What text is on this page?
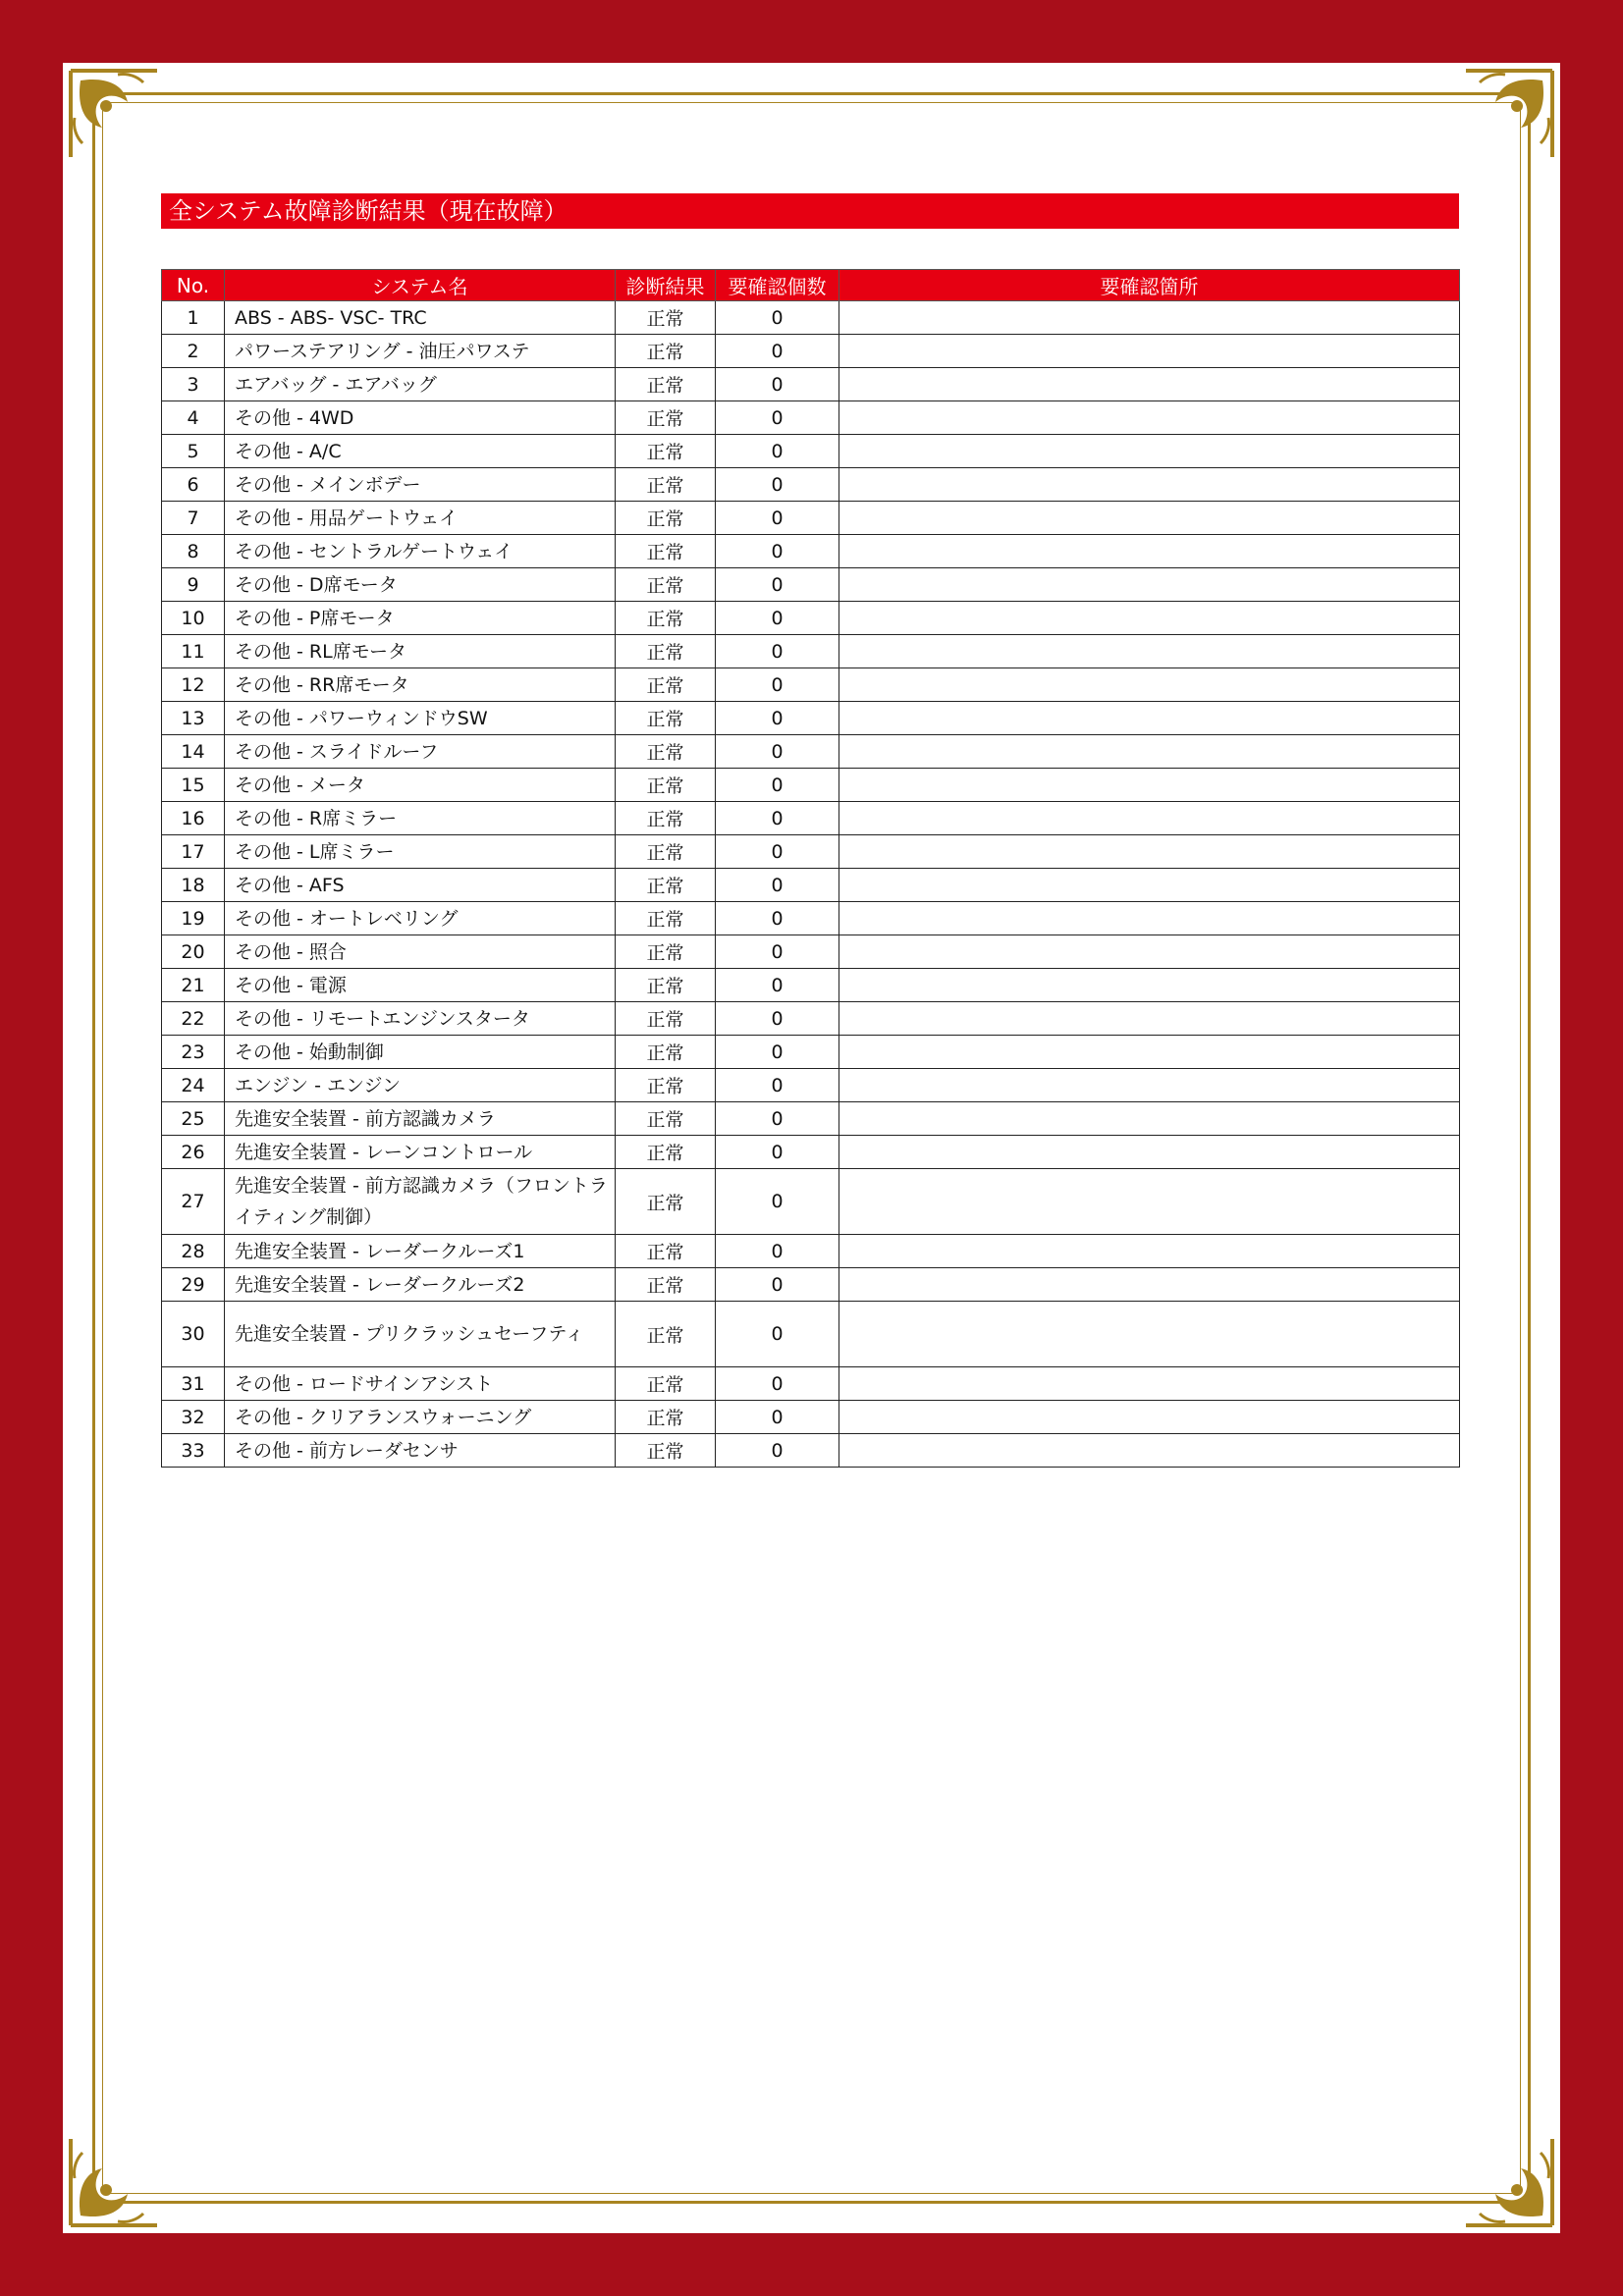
全システム故障診断結果（現在故障）
No.	システム名	診断結果	要確認個数	要確認箇所
1	ABS - ABS- VSC- TRC	正常	0	
2	パワーステアリング - 油圧パワステ	正常	0	
3	エアバッグ - エアバッグ	正常	0	
4	その他 - 4WD	正常	0	
5	その他 - A/C	正常	0	
6	その他 - メインボデー	正常	0	
7	その他 - 用品ゲートウェイ	正常	0	
8	その他 - セントラルゲートウェイ	正常	0	
9	その他 - D席モータ	正常	0	
10	その他 - P席モータ	正常	0	
11	その他 - RL席モータ	正常	0	
12	その他 - RR席モータ	正常	0	
13	その他 - パワーウィンドウSW	正常	0	
14	その他 - スライドルーフ	正常	0	
15	その他 - メータ	正常	0	
16	その他 - R席ミラー	正常	0	
17	その他 - L席ミラー	正常	0	
18	その他 - AFS	正常	0	
19	その他 - オートレベリング	正常	0	
20	その他 - 照合	正常	0	
21	その他 - 電源	正常	0	
22	その他 - リモートエンジンスタータ	正常	0	
23	その他 - 始動制御	正常	0	
24	エンジン - エンジン	正常	0	
25	先進安全装置 - 前方認識カメラ	正常	0	
26	先進安全装置 - レーンコントロール	正常	0	
27	先進安全装置 - 前方認識カメラ（フロントライティング制御）	正常	0	
28	先進安全装置 - レーダークルーズ1	正常	0	
29	先進安全装置 - レーダークルーズ2	正常	0	
30	先進安全装置 - プリクラッシュセーフティ	正常	0	
31	その他 - ロードサインアシスト	正常	0	
32	その他 - クリアランスウォーニング	正常	0	
33	その他 - 前方レーダセンサ	正常	0	
